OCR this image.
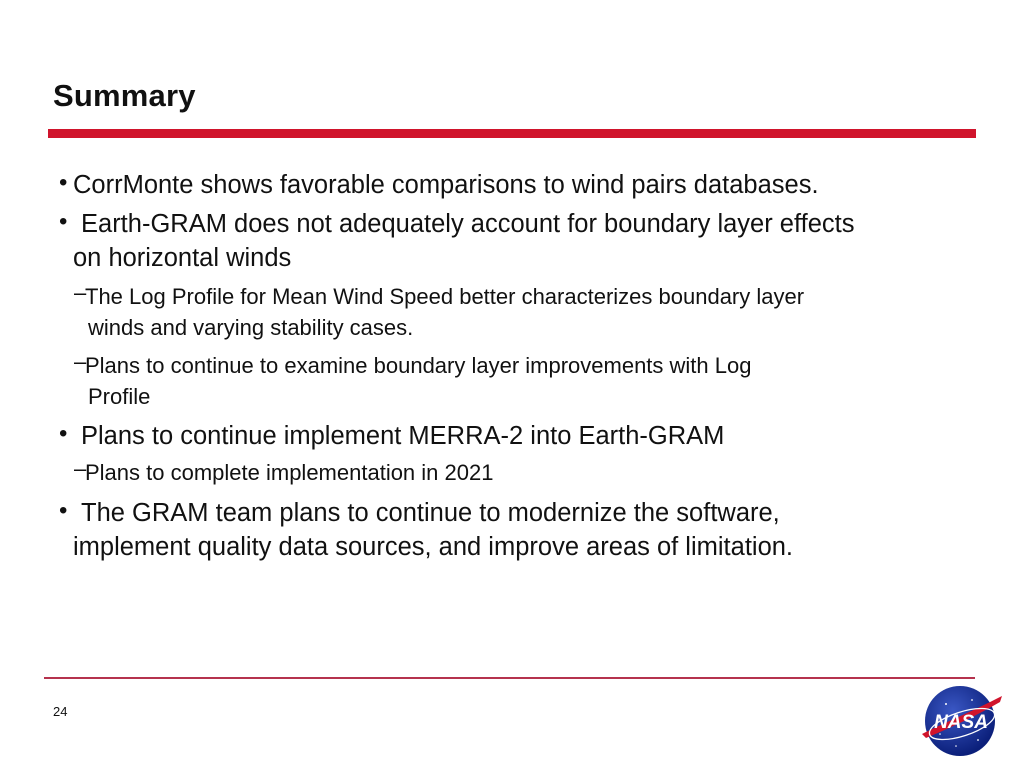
Summary
• CorrMonte shows favorable comparisons to wind pairs databases.
• Earth-GRAM does not adequately account for boundary layer effects
on horizontal winds
–
The Log Profile for Mean Wind Speed better characterizes boundary layer
winds and varying stability cases.
–
Plans to continue to examine boundary layer improvements with Log
Profile
• Plans to continue implement MERRA-2 into Earth-GRAM
–
Plans to complete implementation in 2021
• The GRAM team plans to continue to modernize the software,
implement quality data sources, and improve areas of limitation.
24
NASA
